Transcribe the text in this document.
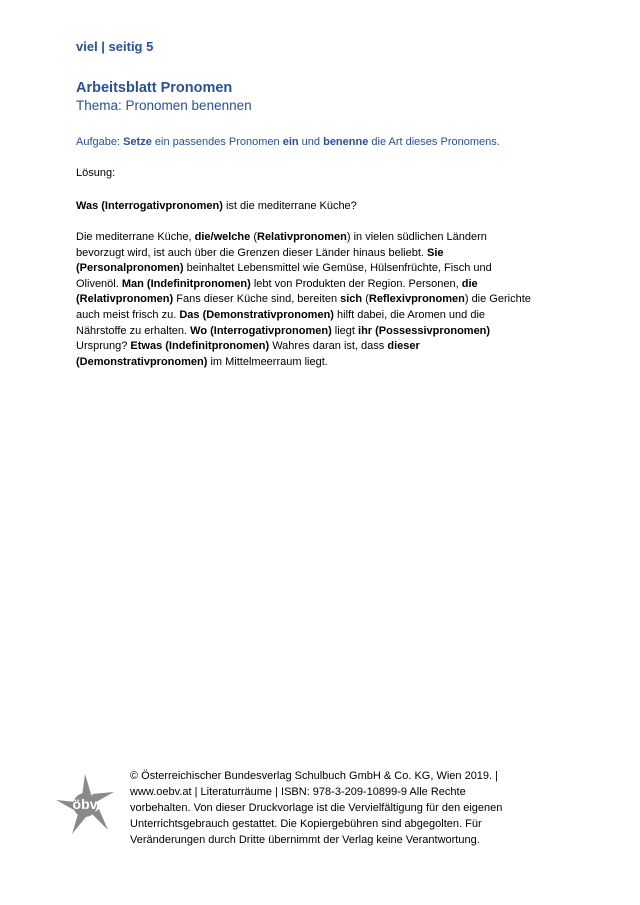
viel | seitig 5
Arbeitsblatt Pronomen
Thema: Pronomen benennen
Aufgabe: Setze ein passendes Pronomen ein und benenne die Art dieses Pronomens.
Lösung:
Was (Interrogativpronomen) ist die mediterrane Küche?
Die mediterrane Küche, die/welche (Relativpronomen) in vielen südlichen Ländern
bevorzugt wird, ist auch über die Grenzen dieser Länder hinaus beliebt. Sie
(Personalpronomen) beinhaltet Lebensmittel wie Gemüse, Hülsenfrüchte, Fisch und
Olivenöl. Man (Indefinitpronomen) lebt von Produkten der Region. Personen, die
(Relativpronomen) Fans dieser Küche sind, bereiten sich (Reflexivpronomen) die Gerichte
auch meist frisch zu. Das (Demonstrativpronomen) hilft dabei, die Aromen und die
Nährstoffe zu erhalten. Wo (Interrogativpronomen) liegt ihr (Possessivpronomen)
Ursprung? Etwas (Indefinitpronomen) Wahres daran ist, dass dieser
(Demonstrativpronomen) im Mittelmeerraum liegt.
öbv
© Österreichischer Bundesverlag Schulbuch GmbH & Co. KG, Wien 2019. |
www.oebv.at | Literaturräume | ISBN: 978-3-209-10899-9 Alle Rechte
vorbehalten. Von dieser Druckvorlage ist die Vervielfältigung für den eigenen
Unterrichtsgebrauch gestattet. Die Kopiergebühren sind abgegolten. Für
Veränderungen durch Dritte übernimmt der Verlag keine Verantwortung.
